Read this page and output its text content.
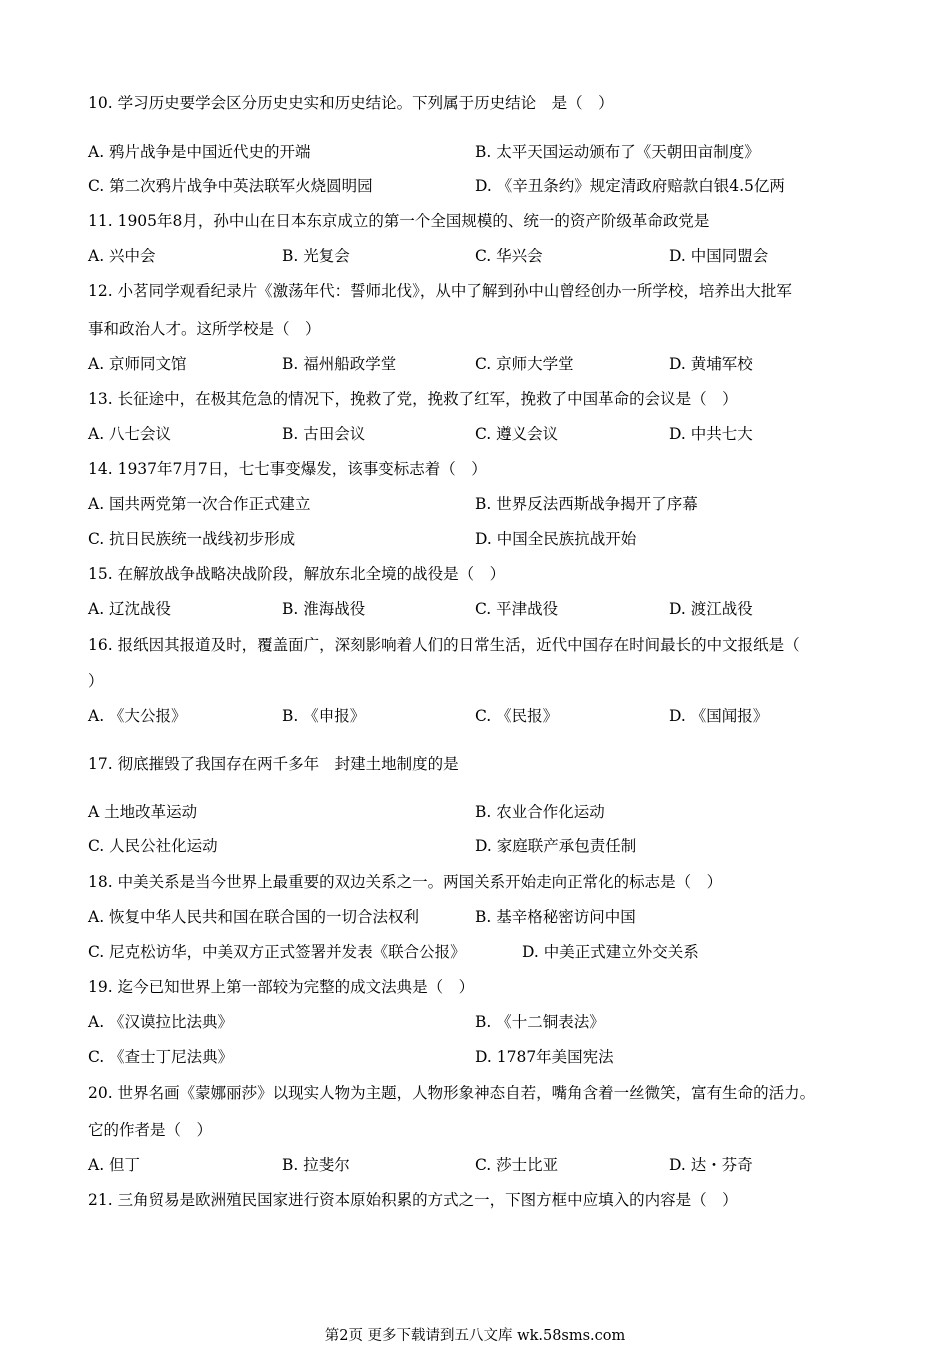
10. 学习历史要学会区分历史史实和历史结论。下列属于历史结论　是（　）
A. 鸦片战争是中国近代史的开端	B. 太平天国运动颁布了《天朝田亩制度》
C. 第二次鸦片战争中英法联军火烧圆明园	D. 《辛丑条约》规定清政府赔款白银4.5亿两
11. 1905年8月，孙中山在日本东京成立的第一个全国规模的、统一的资产阶级革命政党是
A. 兴中会	B. 光复会	C. 华兴会	D. 中国同盟会
12. 小茗同学观看纪录片《激荡年代：誓师北伐》，从中了解到孙中山曾经创办一所学校，培养出大批军
事和政治人才。这所学校是（　）
A. 京师同文馆	B. 福州船政学堂	C. 京师大学堂	D. 黄埔军校
13. 长征途中，在极其危急的情况下，挽救了党，挽救了红军，挽救了中国革命的会议是（　）
A. 八七会议	B. 古田会议	C. 遵义会议	D. 中共七大
14. 1937年7月7日，七七事变爆发，该事变标志着（　）
A. 国共两党第一次合作正式建立	B. 世界反法西斯战争揭开了序幕
C. 抗日民族统一战线初步形成	D. 中国全民族抗战开始
15. 在解放战争战略决战阶段，解放东北全境的战役是（　）
A. 辽沈战役	B. 淮海战役	C. 平津战役	D. 渡江战役
16. 报纸因其报道及时，覆盖面广，深刻影响着人们的日常生活，近代中国存在时间最长的中文报纸是（
）
A. 《大公报》	B. 《申报》	C. 《民报》	D. 《国闻报》
17. 彻底摧毁了我国存在两千多年　封建土地制度的是
A 土地改革运动	B. 农业合作化运动
C. 人民公社化运动	D. 家庭联产承包责任制
18. 中美关系是当今世界上最重要的双边关系之一。两国关系开始走向正常化的标志是（　）
A. 恢复中华人民共和国在联合国的一切合法权利	B. 基辛格秘密访问中国
C. 尼克松访华，中美双方正式签署并发表《联合公报》	D. 中美正式建立外交关系
19. 迄今已知世界上第一部较为完整的成文法典是（　）
A. 《汉谟拉比法典》	B. 《十二铜表法》
C. 《查士丁尼法典》	D. 1787年美国宪法
20. 世界名画《蒙娜丽莎》以现实人物为主题，人物形象神态自若，嘴角含着一丝微笑，富有生命的活力。
它的作者是（　）
A. 但丁	B. 拉斐尔	C. 莎士比亚	D. 达・芬奇
21. 三角贸易是欧洲殖民国家进行资本原始积累的方式之一，下图方框中应填入的内容是（　）
第2页 更多下载请到五八文库 wk.58sms.com
